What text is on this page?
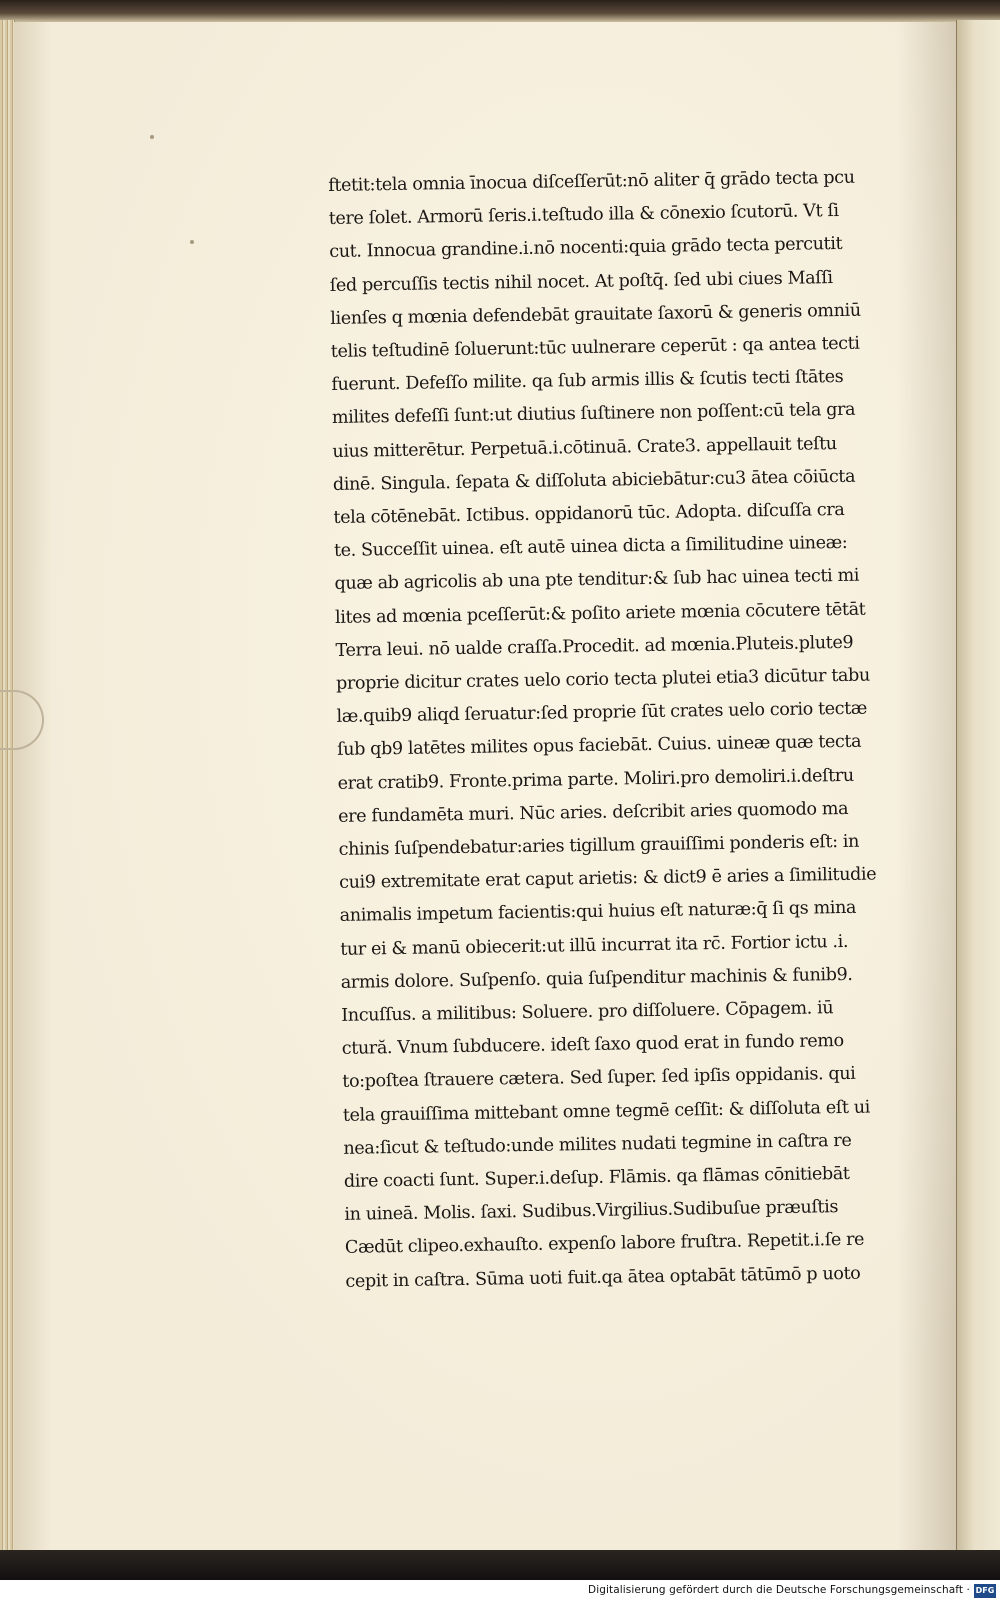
ftetit:tela omnia īnocua diſceſſerūt:nō aliter q̄ grādo tecta pcu
tere ſolet. Armorū ſeris.i.teſtudo illa & cōnexio ſcutorū. Vt ſi
cut. Innocua grandine.i.nō nocenti:quia grādo tecta percutit
ſed percuſſis tectis nihil nocet. At poſtq̄. ſed ubi ciues Maſſi
lienſes q mœnia defendebāt grauitate ſaxorū & generis omniū
telis teſtudinē ſoluerunt:tūc uulnerare ceperūt : qa antea tecti
fuerunt. Defeſſo milite. qa ſub armis illis & ſcutis tecti ſtātes
milites defeſſi ſunt:ut diutius ſuſtinere non poſſent:cū tela gra
uius mitterētur. Perpetuā.i.cōtinuā. Crate3. appellauit teſtu
dinē. Singula. ſepata & diſſoluta abiciebātur:cu3 ātea cōiūcta
tela cōtēnebāt. Ictibus. oppidanorū tūc. Adopta. diſcuſſa cra
te. Succeſſit uinea. eſt autē uinea dicta a ſimilitudine uineæ:
quæ ab agricolis ab una pte tenditur:& ſub hac uinea tecti mi
lites ad mœnia pceſſerūt:& poſito ariete mœnia cōcutere tētāt
Terra leui. nō ualde craſſa.Procedit. ad mœnia.Pluteis.plute9
proprie dicitur crates uelo corio tecta plutei etia3 dicūtur tabu
læ.quib9 aliqd ſeruatur:ſed proprie ſūt crates uelo corio tectæ
ſub qb9 latētes milites opus faciebāt. Cuius. uineæ quæ tecta
erat cratib9. Fronte.prima parte. Moliri.pro demoliri.i.deſtru
ere fundamēta muri. Nūc aries. deſcribit aries quomodo ma
chinis ſuſpendebatur:aries tigillum grauiſſimi ponderis eſt: in
cui9 extremitate erat caput arietis: & dict9 ē aries a ſimilitudie
animalis impetum facientis:qui huius eſt naturæ:q̄ ſi qs mina
tur ei & manū obiecerit:ut illū incurrat ita rc̄. Fortior ictu .i.
armis dolore. Suſpenſo. quia ſuſpenditur machinis & funib9.
Incuſſus. a militibus: Soluere. pro diſſoluere. Cōpagem. iū
ctură. Vnum ſubducere. ideſt ſaxo quod erat in fundo remo
to:poſtea ſtrauere cætera. Sed ſuper. ſed ipſis oppidanis. qui
tela grauiſſima mittebant omne tegmē ceſſit: & diſſoluta eſt ui
nea:ſicut & teſtudo:unde milites nudati tegmine in caſtra re
dire coacti ſunt. Super.i.deſup. Flāmis. qa flāmas cōnitiebāt
in uineā. Molis. ſaxi. Sudibus.Virgilius.Sudibuſue præuſtis
Cædūt clipeo.exhauſto. expenſo labore fruſtra. Repetit.i.ſe re
cepit in caſtra. Sūma uoti fuit.qa ātea optabāt tātūmō p uoto
Digitalisierung gefördert durch die Deutsche Forschungsgemeinschaft · DFG
